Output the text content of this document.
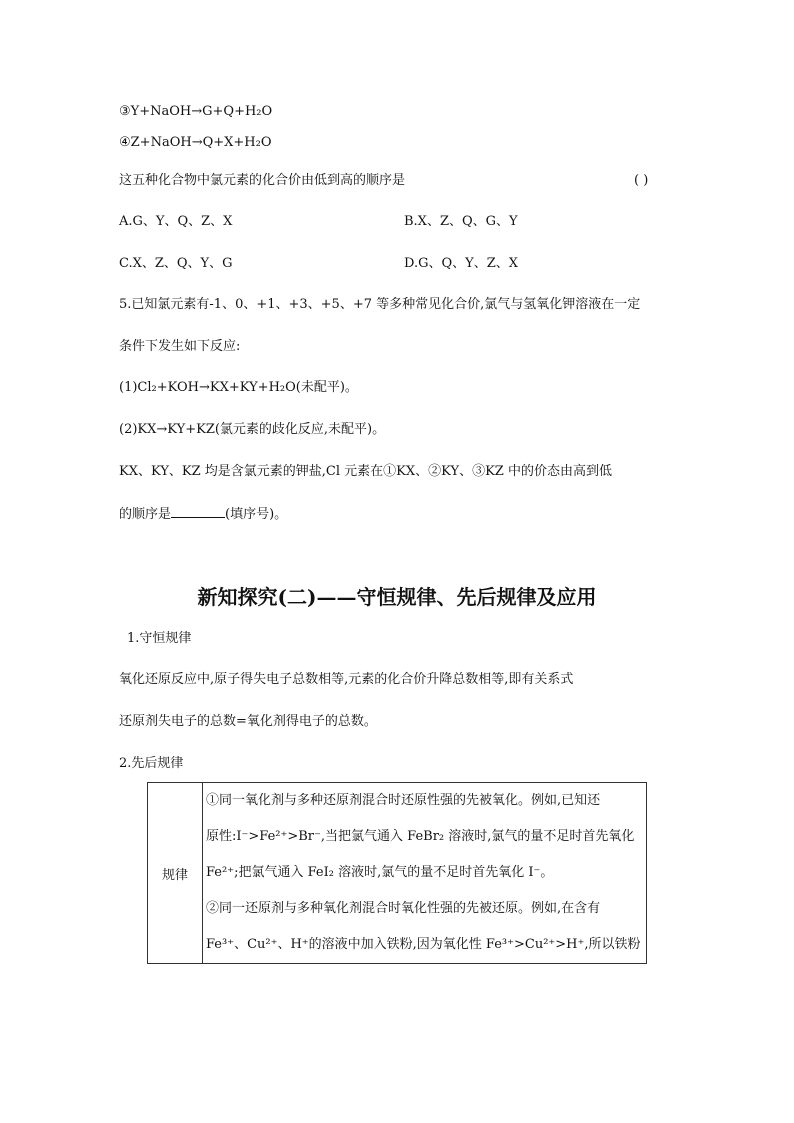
③Y+NaOH→G+Q+H₂O
④Z+NaOH→Q+X+H₂O
这五种化合物中氯元素的化合价由低到高的顺序是	( )
A.G、Y、Q、Z、X	B.X、Z、Q、G、Y
C.X、Z、Q、Y、G	D.G、Q、Y、Z、X
5.已知氯元素有-1、0、+1、+3、+5、+7 等多种常见化合价,氯气与氢氧化钾溶液在一定
条件下发生如下反应:
(1)Cl₂+KOH→KX+KY+H₂O(未配平)。
(2)KX→KY+KZ(氯元素的歧化反应,未配平)。
KX、KY、KZ 均是含氯元素的钾盐,Cl 元素在①KX、②KY、③KZ 中的价态由高到低
的顺序是	(填序号)。
新知探究(二)——守恒规律、先后规律及应用
1.守恒规律
氧化还原反应中,原子得失电子总数相等,元素的化合价升降总数相等,即有关系式
还原剂失电子的总数=氧化剂得电子的总数。
2.先后规律
规律	
①同一氧化剂与多种还原剂混合时还原性强的先被氧化。例如,已知还
原性:I⁻>Fe²⁺>Br⁻,当把氯气通入 FeBr₂ 溶液时,氯气的量不足时首先氧化
Fe²⁺;把氯气通入 FeI₂ 溶液时,氯气的量不足时首先氧化 I⁻。
②同一还原剂与多种氧化剂混合时氧化性强的先被还原。例如,在含有
Fe³⁺、Cu²⁺、H⁺的溶液中加入铁粉,因为氧化性 Fe³⁺>Cu²⁺>H⁺,所以铁粉
